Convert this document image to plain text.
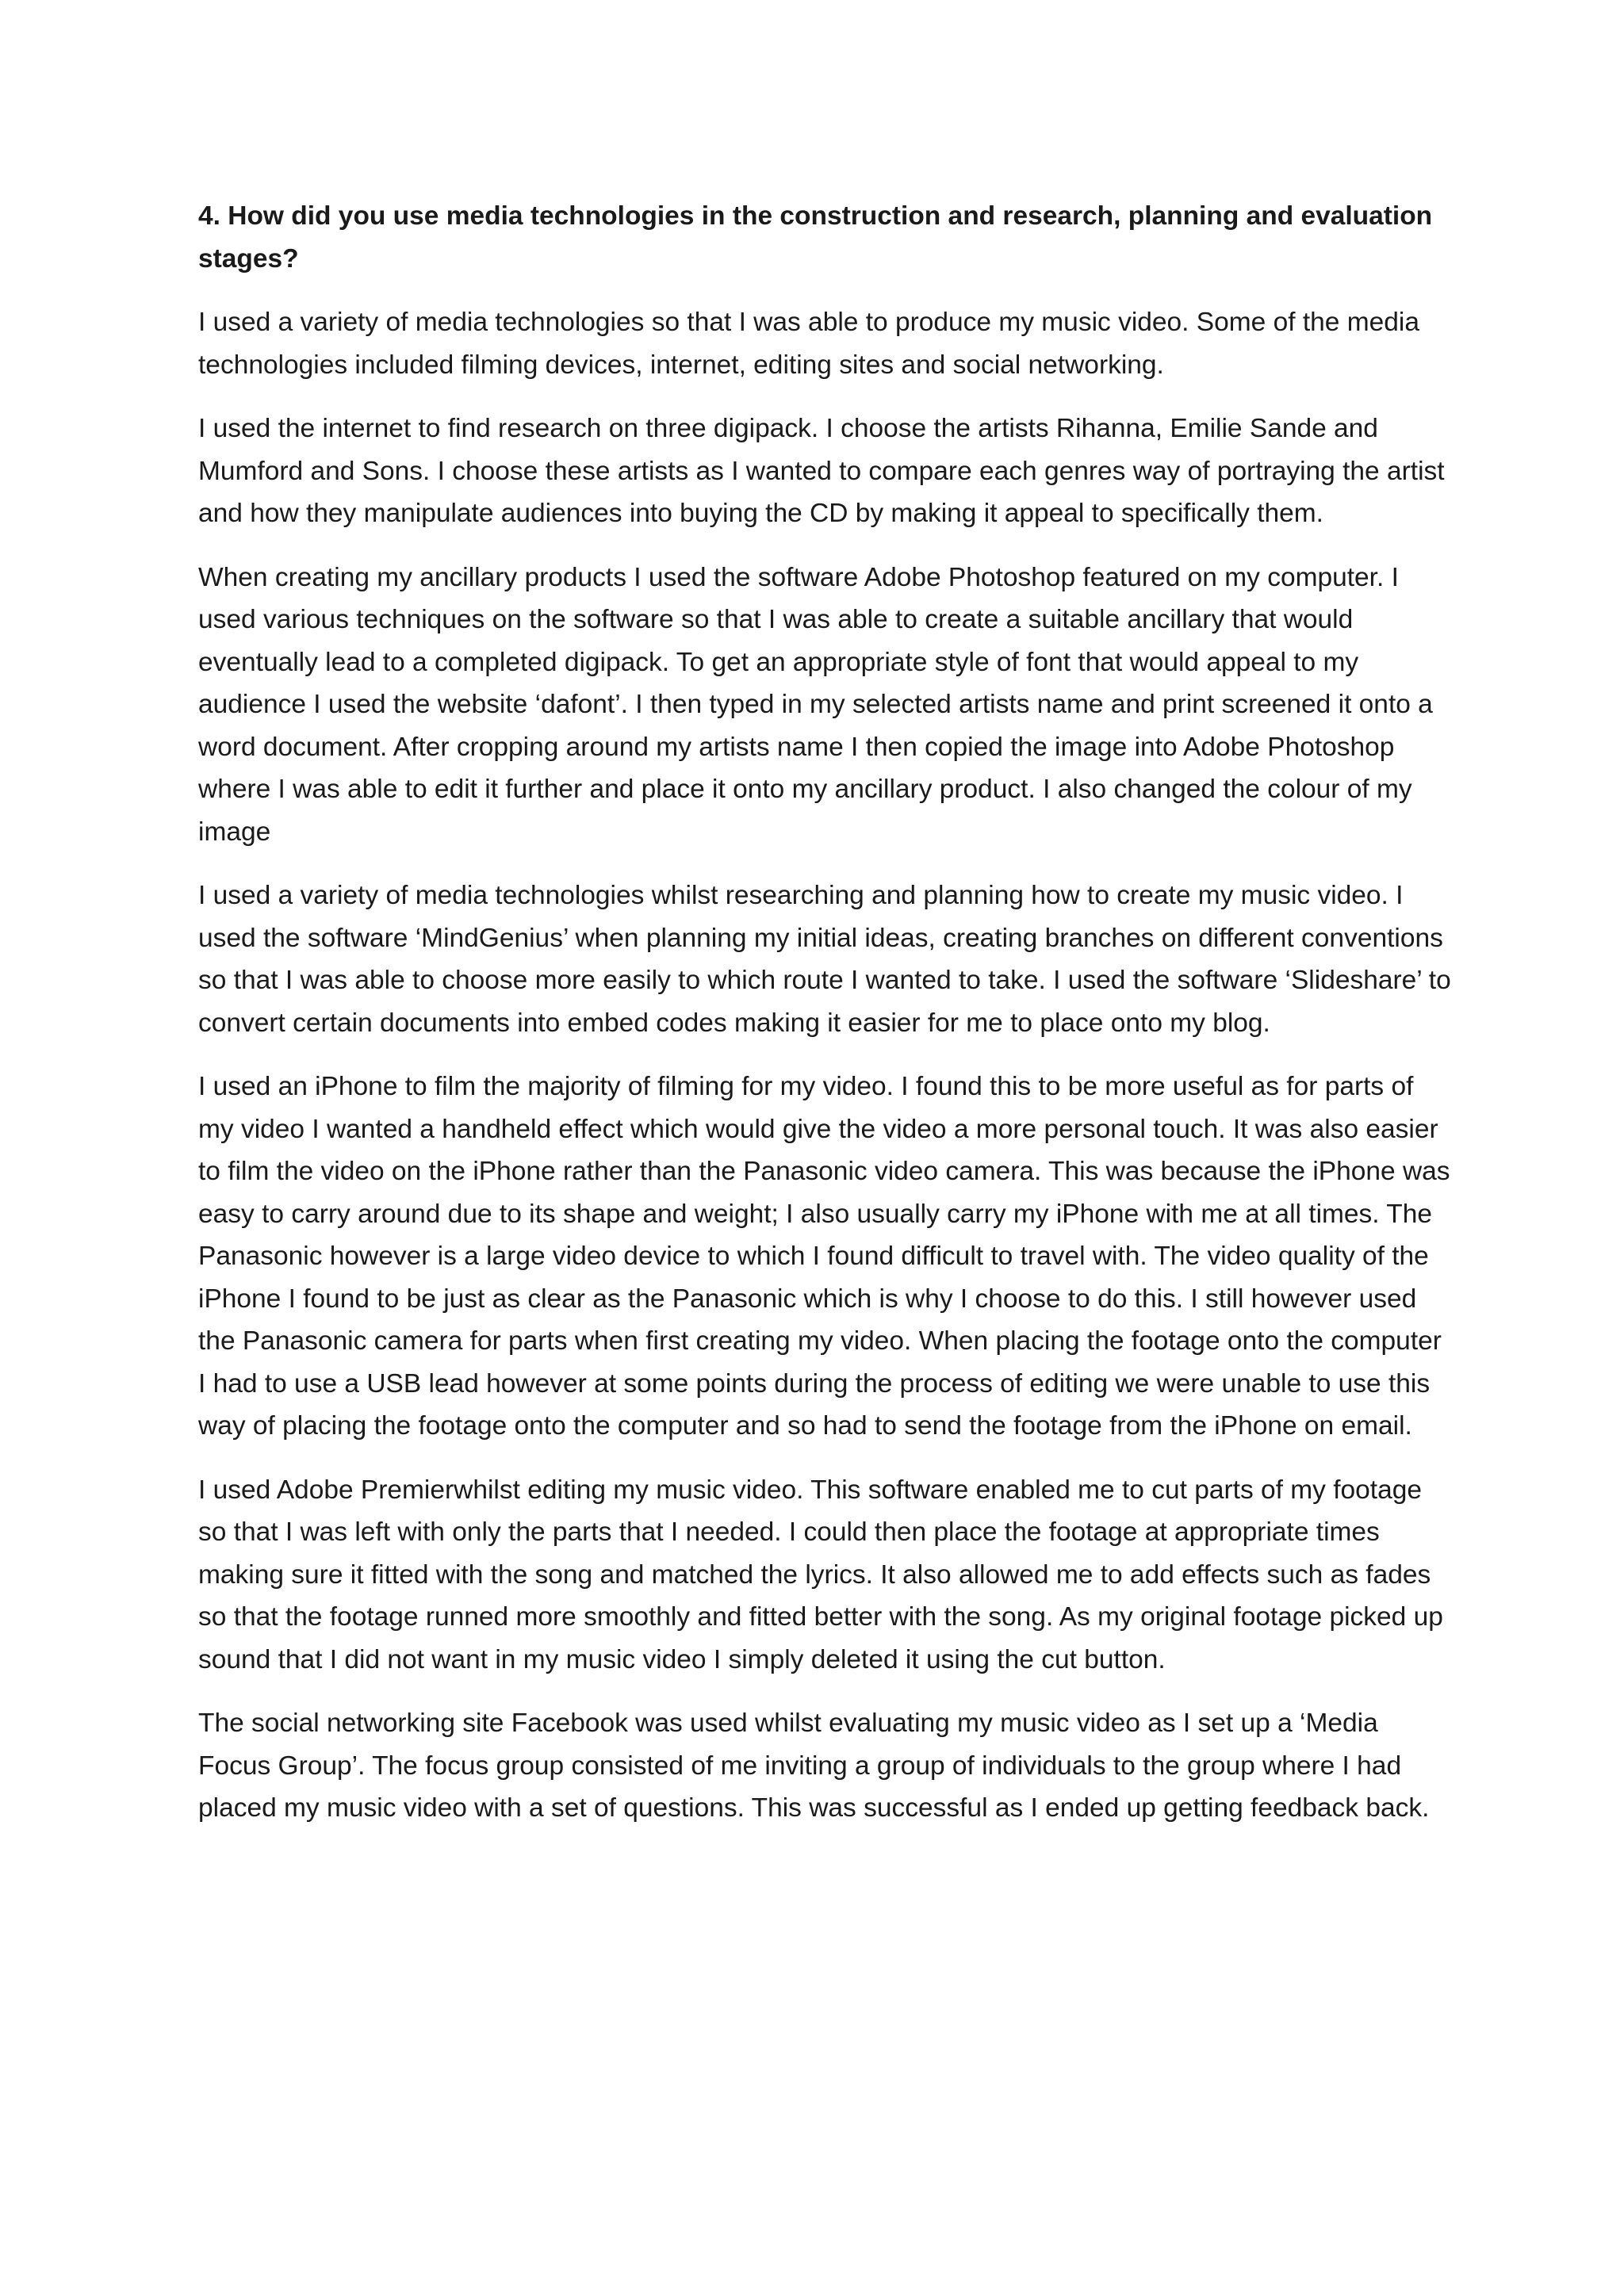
4. How did you use media technologies in the construction and research, planning and evaluation stages?

I used a variety of media technologies so that I was able to produce my music video. Some of the media technologies included filming devices, internet, editing sites and social networking.

I used the internet to find research on three digipack. I choose the artists Rihanna, Emilie Sande and Mumford and Sons. I choose these artists as I wanted to compare each genres way of portraying the artist and how they manipulate audiences into buying the CD by making it appeal to specifically them.

When creating my ancillary products I used the software Adobe Photoshop featured on my computer. I used various techniques on the software so that I was able to create a suitable ancillary that would eventually lead to a completed digipack. To get an appropriate style of font that would appeal to my audience I used the website ‘dafont’. I then typed in my selected artists name and print screened it onto a word document. After cropping around my artists name I then copied the image into Adobe Photoshop where I was able to edit it further and place it onto my ancillary product. I also changed the colour of my image

I used a variety of media technologies whilst researching and planning how to create my music video. I used the software ‘MindGenius’ when planning my initial ideas, creating branches on different conventions so that I was able to choose more easily to which route I wanted to take. I used the software ‘Slideshare’ to convert certain documents into embed codes making it easier for me to place onto my blog.

I used an iPhone to film the majority of filming for my video. I found this to be more useful as for parts of my video I wanted a handheld effect which would give the video a more personal touch. It was also easier to film the video on the iPhone rather than the Panasonic video camera. This was because the iPhone was easy to carry around due to its shape and weight; I also usually carry my iPhone with me at all times. The Panasonic however is a large video device to which I found difficult to travel with. The video quality of the iPhone I found to be just as clear as the Panasonic which is why I choose to do this. I still however used the Panasonic camera for parts when first creating my video. When placing the footage onto the computer I had to use a USB lead however at some points during the process of editing we were unable to use this way of placing the footage onto the computer and so had to send the footage from the iPhone on email.

I used Adobe Premierwhilst editing my music video. This software enabled me to cut parts of my footage so that I was left with only the parts that I needed. I could then place the footage at appropriate times making sure it fitted with the song and matched the lyrics. It also allowed me to add effects such as fades so that the footage runned more smoothly and fitted better with the song. As my original footage picked up sound that I did not want in my music video I simply deleted it using the cut button.

The social networking site Facebook was used whilst evaluating my music video as I set up a ‘Media Focus Group’. The focus group consisted of me inviting a group of individuals to the group where I had placed my music video with a set of questions. This was successful as I ended up getting feedback back.
